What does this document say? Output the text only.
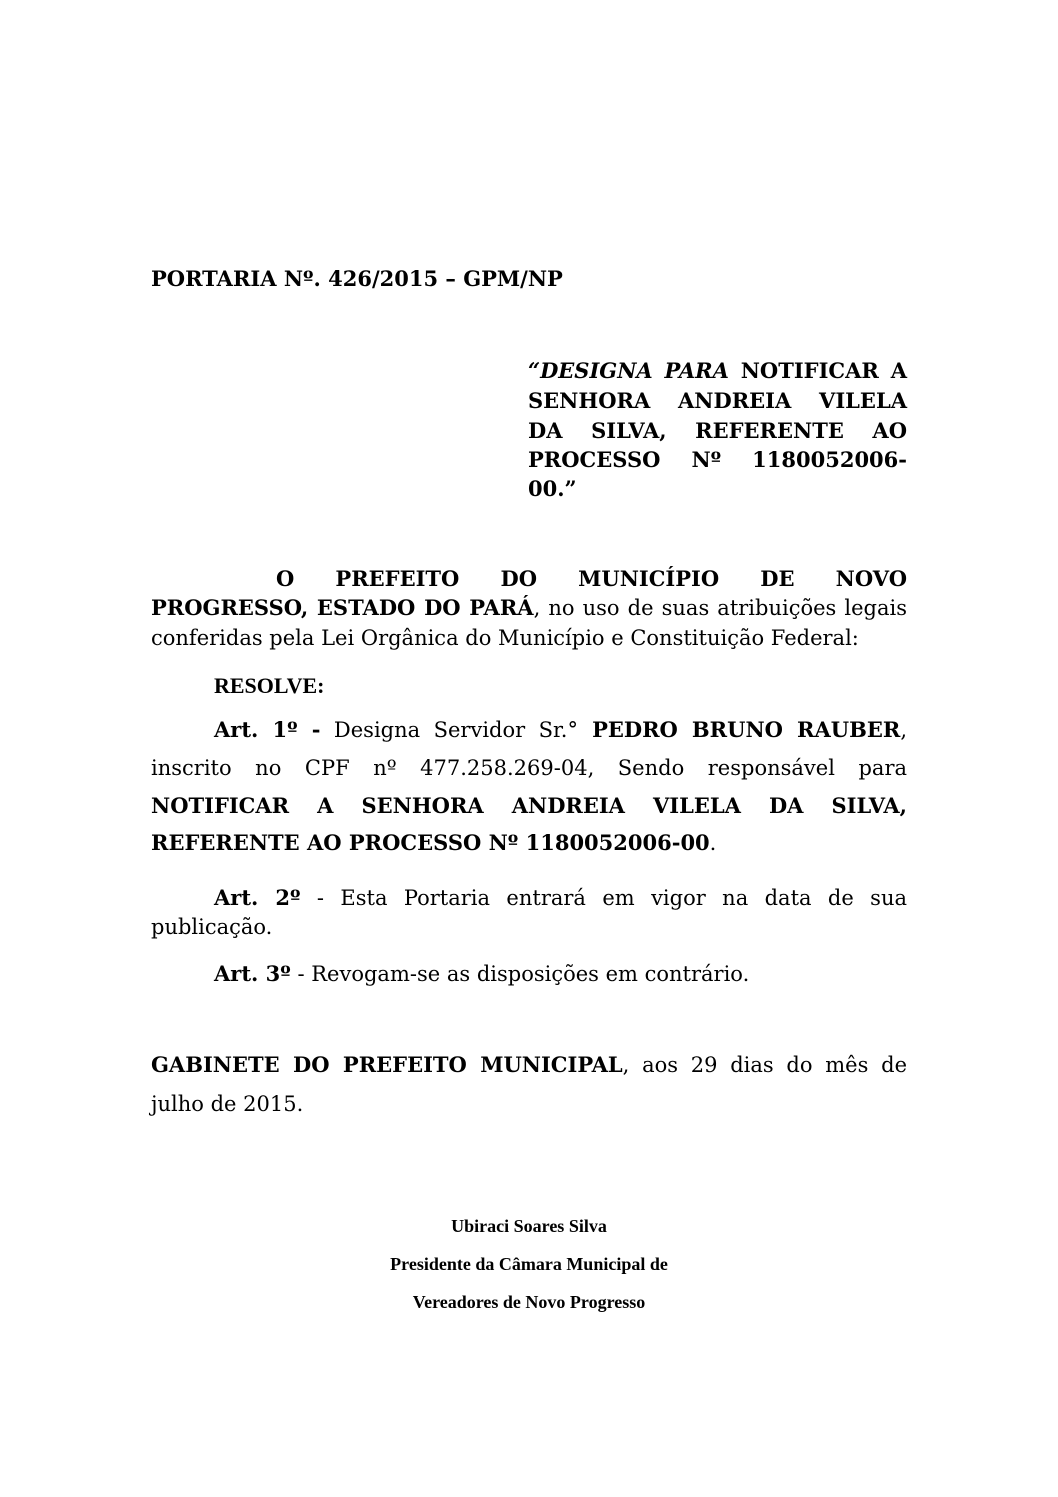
PORTARIA Nº. 426/2015 – GPM/NP
“DESIGNA PARA NOTIFICAR A
SENHORA ANDREIA VILELA
DA SILVA, REFERENTE AO
PROCESSO Nº 1180052006-
00.”
O PREFEITO DO MUNICÍPIO DE NOVO
PROGRESSO, ESTADO DO PARÁ, no uso de suas atribuições legais
conferidas pela Lei Orgânica do Município e Constituição Federal:
RESOLVE:
Art. 1º - Designa Servidor Sr.° PEDRO BRUNO RAUBER,
inscrito no CPF nº 477.258.269-04, Sendo responsável para
NOTIFICAR A SENHORA ANDREIA VILELA DA SILVA,
REFERENTE AO PROCESSO Nº 1180052006-00.
Art. 2º - Esta Portaria entrará em vigor na data de sua
publicação.
Art. 3º - Revogam-se as disposições em contrário.
GABINETE DO PREFEITO MUNICIPAL, aos 29 dias do mês de
julho de 2015.
Ubiraci Soares Silva
Presidente da Câmara Municipal de
Vereadores de Novo Progresso
